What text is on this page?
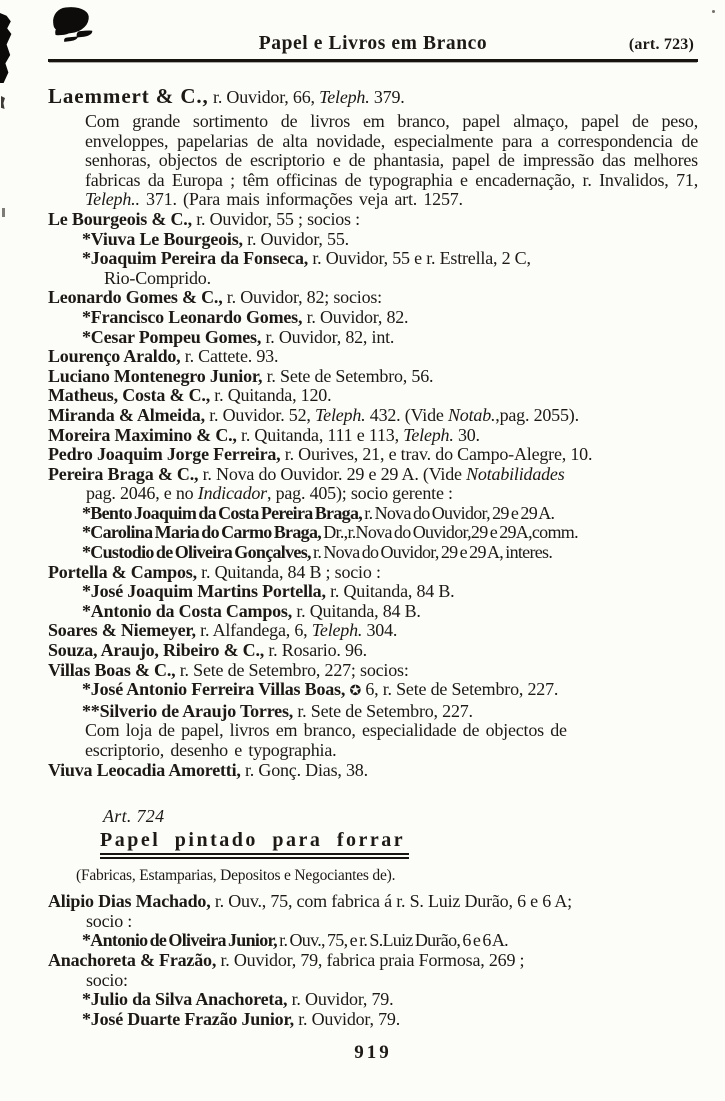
Papel e Livros em Branco	(art. 723)
Laemmert & C., r. Ouvidor, 66, Teleph. 379.
Com grande sortimento de livros em branco, papel almaço, papel de peso, enveloppes, papelarias de alta novidade, especialmente para a correspondencia de senhoras, objectos de escriptorio e de phantasia, papel de impressão das melhores fabricas da Europa ; têm officinas de typographia e encadernação, r. Invalidos, 71, Teleph.. 371. (Para mais informações veja art. 1257.
Le Bourgeois & C., r. Ouvidor, 55 ; socios :
*Viuva Le Bourgeois, r. Ouvidor, 55.
*Joaquim Pereira da Fonseca, r. Ouvidor, 55 e r. Estrella, 2 C,
Rio-Comprido.
Leonardo Gomes & C., r. Ouvidor, 82; socios:
*Francisco Leonardo Gomes, r. Ouvidor, 82.
*Cesar Pompeu Gomes, r. Ouvidor, 82, int.
Lourenço Araldo, r. Cattete. 93.
Luciano Montenegro Junior, r. Sete de Setembro, 56.
Matheus, Costa & C., r. Quitanda, 120.
Miranda & Almeida, r. Ouvidor. 52, Teleph. 432. (Vide Notab.,pag. 2055).
Moreira Maximino & C., r. Quitanda, 111 e 113, Teleph. 30.
Pedro Joaquim Jorge Ferreira, r. Ourives, 21, e trav. do Campo-Alegre, 10.
Pereira Braga & C., r. Nova do Ouvidor. 29 e 29 A. (Vide Notabilidades
pag. 2046, e no Indicador, pag. 405); socio gerente :
*Bento Joaquim da Costa Pereira Braga, r. Nova do Ouvidor, 29 e 29 A.
*Carolina Maria do Carmo Braga, Dr.,r.Nova do Ouvidor,29 e 29A,comm.
*Custodio de Oliveira Gonçalves, r. Nova do Ouvidor, 29 e 29 A, interes.
Portella & Campos, r. Quitanda, 84 B ; socio :
*José Joaquim Martins Portella, r. Quitanda, 84 B.
*Antonio da Costa Campos, r. Quitanda, 84 B.
Soares & Niemeyer, r. Alfandega, 6, Teleph. 304.
Souza, Araujo, Ribeiro & C., r. Rosario. 96.
Villas Boas & C., r. Sete de Setembro, 227; socios:
*José Antonio Ferreira Villas Boas, ✪ 6, r. Sete de Setembro, 227.
**Silverio de Araujo Torres, r. Sete de Setembro, 227.
Com loja de papel, livros em branco, especialidade de objectos de
escriptorio, desenho e typographia.
Viuva Leocadia Amoretti, r. Gonç. Dias, 38.
Art. 724
Papel pintado para forrar
(Fabricas, Estamparias, Depositos e Negociantes de).
Alipio Dias Machado, r. Ouv., 75, com fabrica á r. S. Luiz Durão, 6 e 6 A;
socio :
*Antonio de Oliveira Junior, r. Ouv., 75, e r. S.Luiz Durão, 6 e 6 A.
Anachoreta & Frazão, r. Ouvidor, 79, fabrica praia Formosa, 269 ;
socio:
*Julio da Silva Anachoreta, r. Ouvidor, 79.
*José Duarte Frazão Junior, r. Ouvidor, 79.
919
